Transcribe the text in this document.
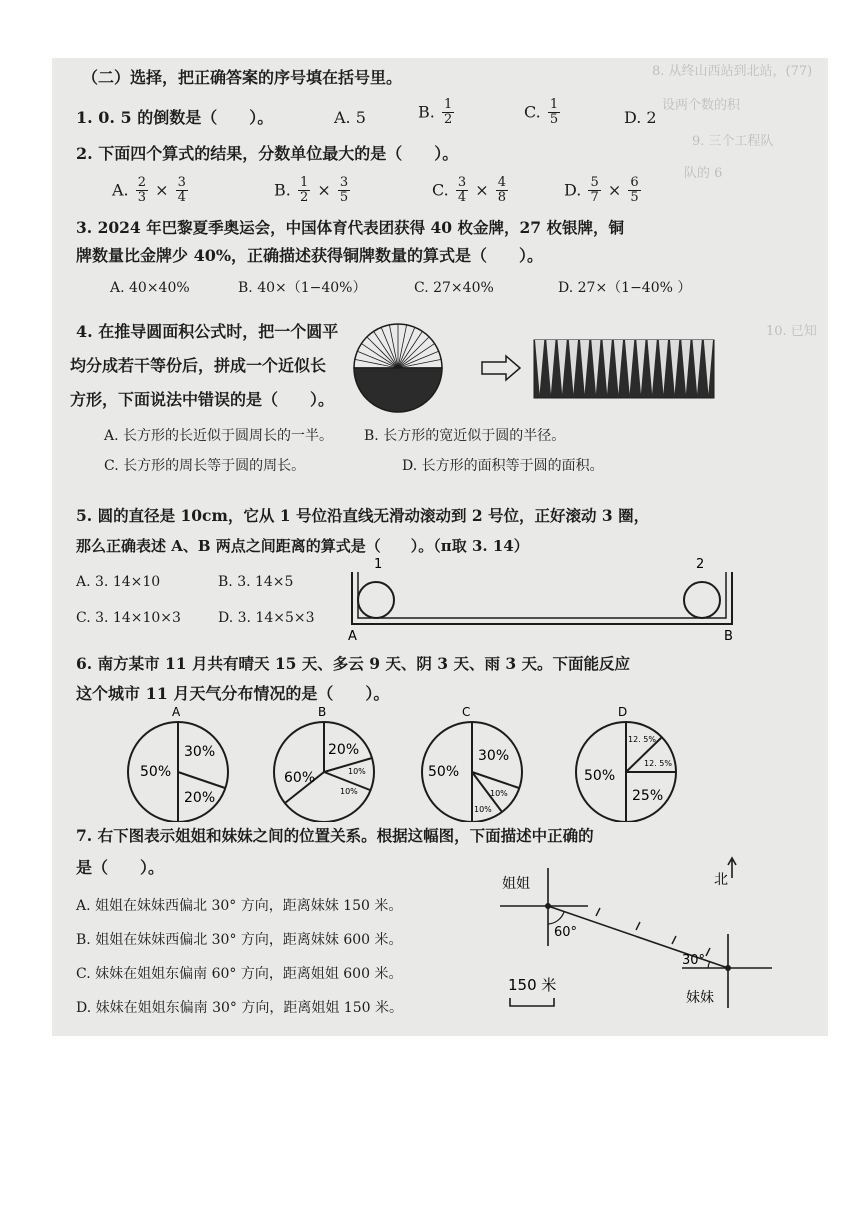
8. 从终山西站到北站，(77)
设两个数的积
9. 三个工程队
队的 6
10. 已知
（二）选择，把正确答案的序号填在括号里。
1. 0. 5 的倒数是（　　）。	A. 5	B. $\frac{1}{2}$	C. $\frac{1}{5}$	D. 2
2. 下面四个算式的结果，分数单位最大的是（　　）。
A. $\frac{2}{3} \times \frac{3}{4}$	B. $\frac{1}{2} \times \frac{3}{5}$	C. $\frac{3}{4} \times \frac{4}{8}$	D. $\frac{5}{7} \times \frac{6}{5}$
3. 2024 年巴黎夏季奥运会，中国体育代表团获得 40 枚金牌，27 枚银牌，铜
牌数量比金牌少 40%，正确描述获得铜牌数量的算式是（　　）。
A. 40×40%	B. 40×（1−40%）	C. 27×40%	D. 27×（1−40% ）
4. 在推导圆面积公式时，把一个圆平
均分成若干等份后，拼成一个近似长
方形，下面说法中错误的是（　　）。
A. 长方形的长近似于圆周长的一半。 B. 长方形的宽近似于圆的半径。
C. 长方形的周长等于圆的周长。	D. 长方形的面积等于圆的面积。
5. 圆的直径是 10cm，它从 1 号位沿直线无滑动滚动到 2 号位，正好滚动 3 圈，
那么正确表述 A、B 两点之间距离的算式是（　　）。（π取 3. 14）
A. 3. 14×10	B. 3. 14×5
C. 3. 14×10×3	D. 3. 14×5×3
1	2
A	B
6. 南方某市 11 月共有晴天 15 天、多云 9 天、阴 3 天、雨 3 天。下面能反应
这个城市 11 月天气分布情况的是（　　）。
A
50%
30%
20%
B
60%
20%
10%
10%
C
50%
30%
10%
10%
D
50%
12. 5%
12. 5%
25%
7. 右下图表示姐姐和妹妹之间的位置关系。根据这幅图，下面描述中正确的
是（　　）。
A. 姐姐在妹妹西偏北 30° 方向，距离妹妹 150 米。
B. 姐姐在妹妹西偏北 30° 方向，距离妹妹 600 米。
C. 妹妹在姐姐东偏南 60° 方向，距离姐姐 600 米。
D. 妹妹在姐姐东偏南 30° 方向，距离姐姐 150 米。
姐姐
妹妹
北
60°
30°
150 米
